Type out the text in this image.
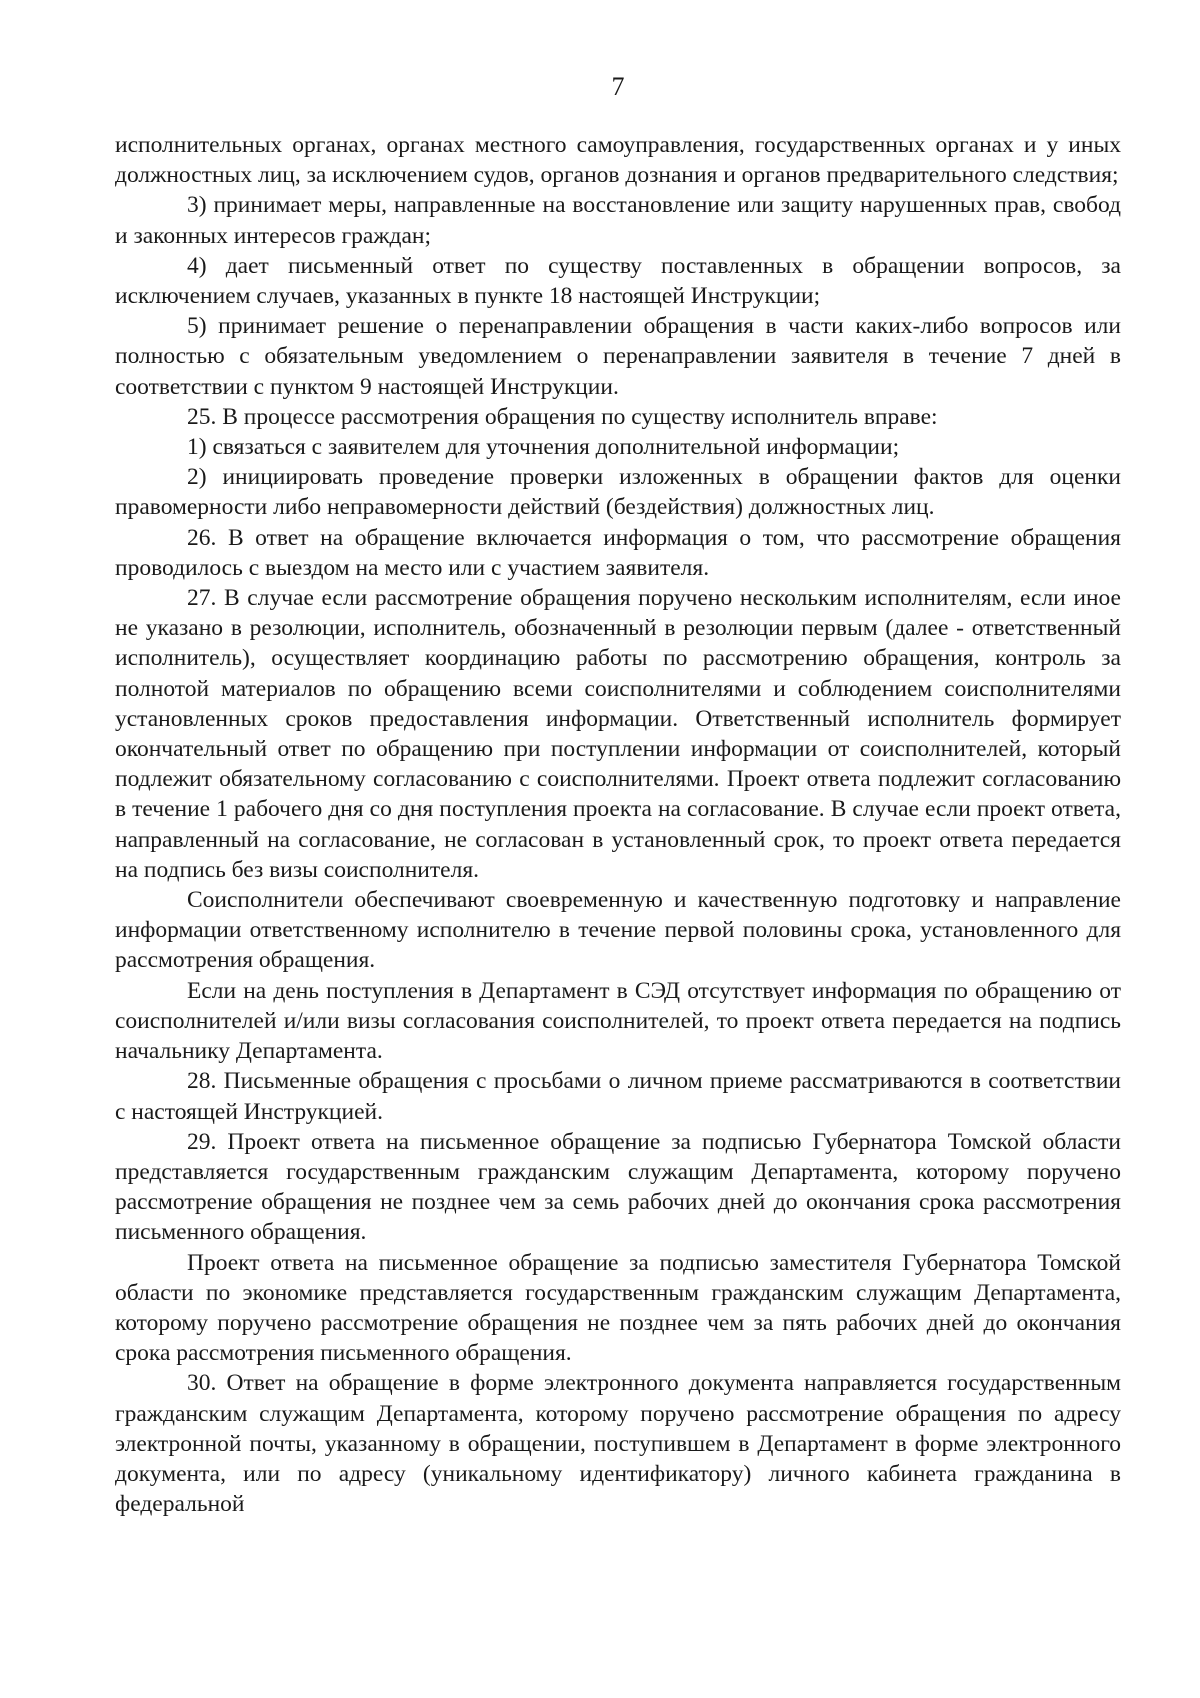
7

исполнительных органах, органах местного самоуправления, государственных органах и у иных должностных лиц, за исключением судов, органов дознания и органов предварительного следствия;

3) принимает меры, направленные на восстановление или защиту нарушенных прав, свобод и законных интересов граждан;

4) дает письменный ответ по существу поставленных в обращении вопросов, за исключением случаев, указанных в пункте 18 настоящей Инструкции;

5) принимает решение о перенаправлении обращения в части каких-либо вопросов или полностью с обязательным уведомлением о перенаправлении заявителя в течение 7 дней в соответствии с пунктом 9 настоящей Инструкции.

25. В процессе рассмотрения обращения по существу исполнитель вправе:

1) связаться с заявителем для уточнения дополнительной информации;

2) инициировать проведение проверки изложенных в обращении фактов для оценки правомерности либо неправомерности действий (бездействия) должностных лиц.

26. В ответ на обращение включается информация о том, что рассмотрение обращения проводилось с выездом на место или с участием заявителя.

27. В случае если рассмотрение обращения поручено нескольким исполнителям, если иное не указано в резолюции, исполнитель, обозначенный в резолюции первым (далее - ответственный исполнитель), осуществляет координацию работы по рассмотрению обращения, контроль за полнотой материалов по обращению всеми соисполнителями и соблюдением соисполнителями установленных сроков предоставления информации. Ответственный исполнитель формирует окончательный ответ по обращению при поступлении информации от соисполнителей, который подлежит обязательному согласованию с соисполнителями. Проект ответа подлежит согласованию в течение 1 рабочего дня со дня поступления проекта на согласование. В случае если проект ответа, направленный на согласование, не согласован в установленный срок, то проект ответа передается на подпись без визы соисполнителя.

Соисполнители обеспечивают своевременную и качественную подготовку и направление информации ответственному исполнителю в течение первой половины срока, установленного для рассмотрения обращения.

Если на день поступления в Департамент в СЭД отсутствует информация по обращению от соисполнителей и/или визы согласования соисполнителей, то проект ответа передается на подпись начальнику Департамента.

28. Письменные обращения с просьбами о личном приеме рассматриваются в соответствии с настоящей Инструкцией.

29. Проект ответа на письменное обращение за подписью Губернатора Томской области представляется государственным гражданским служащим Департамента, которому поручено рассмотрение обращения не позднее чем за семь рабочих дней до окончания срока рассмотрения письменного обращения.

Проект ответа на письменное обращение за подписью заместителя Губернатора Томской области по экономике представляется государственным гражданским служащим Департамента, которому поручено рассмотрение обращения не позднее чем за пять рабочих дней до окончания срока рассмотрения письменного обращения.

30. Ответ на обращение в форме электронного документа направляется государственным гражданским служащим Департамента, которому поручено рассмотрение обращения по адресу электронной почты, указанному в обращении, поступившем в Департамент в форме электронного документа, или по адресу (уникальному идентификатору) личного кабинета гражданина в федеральной
